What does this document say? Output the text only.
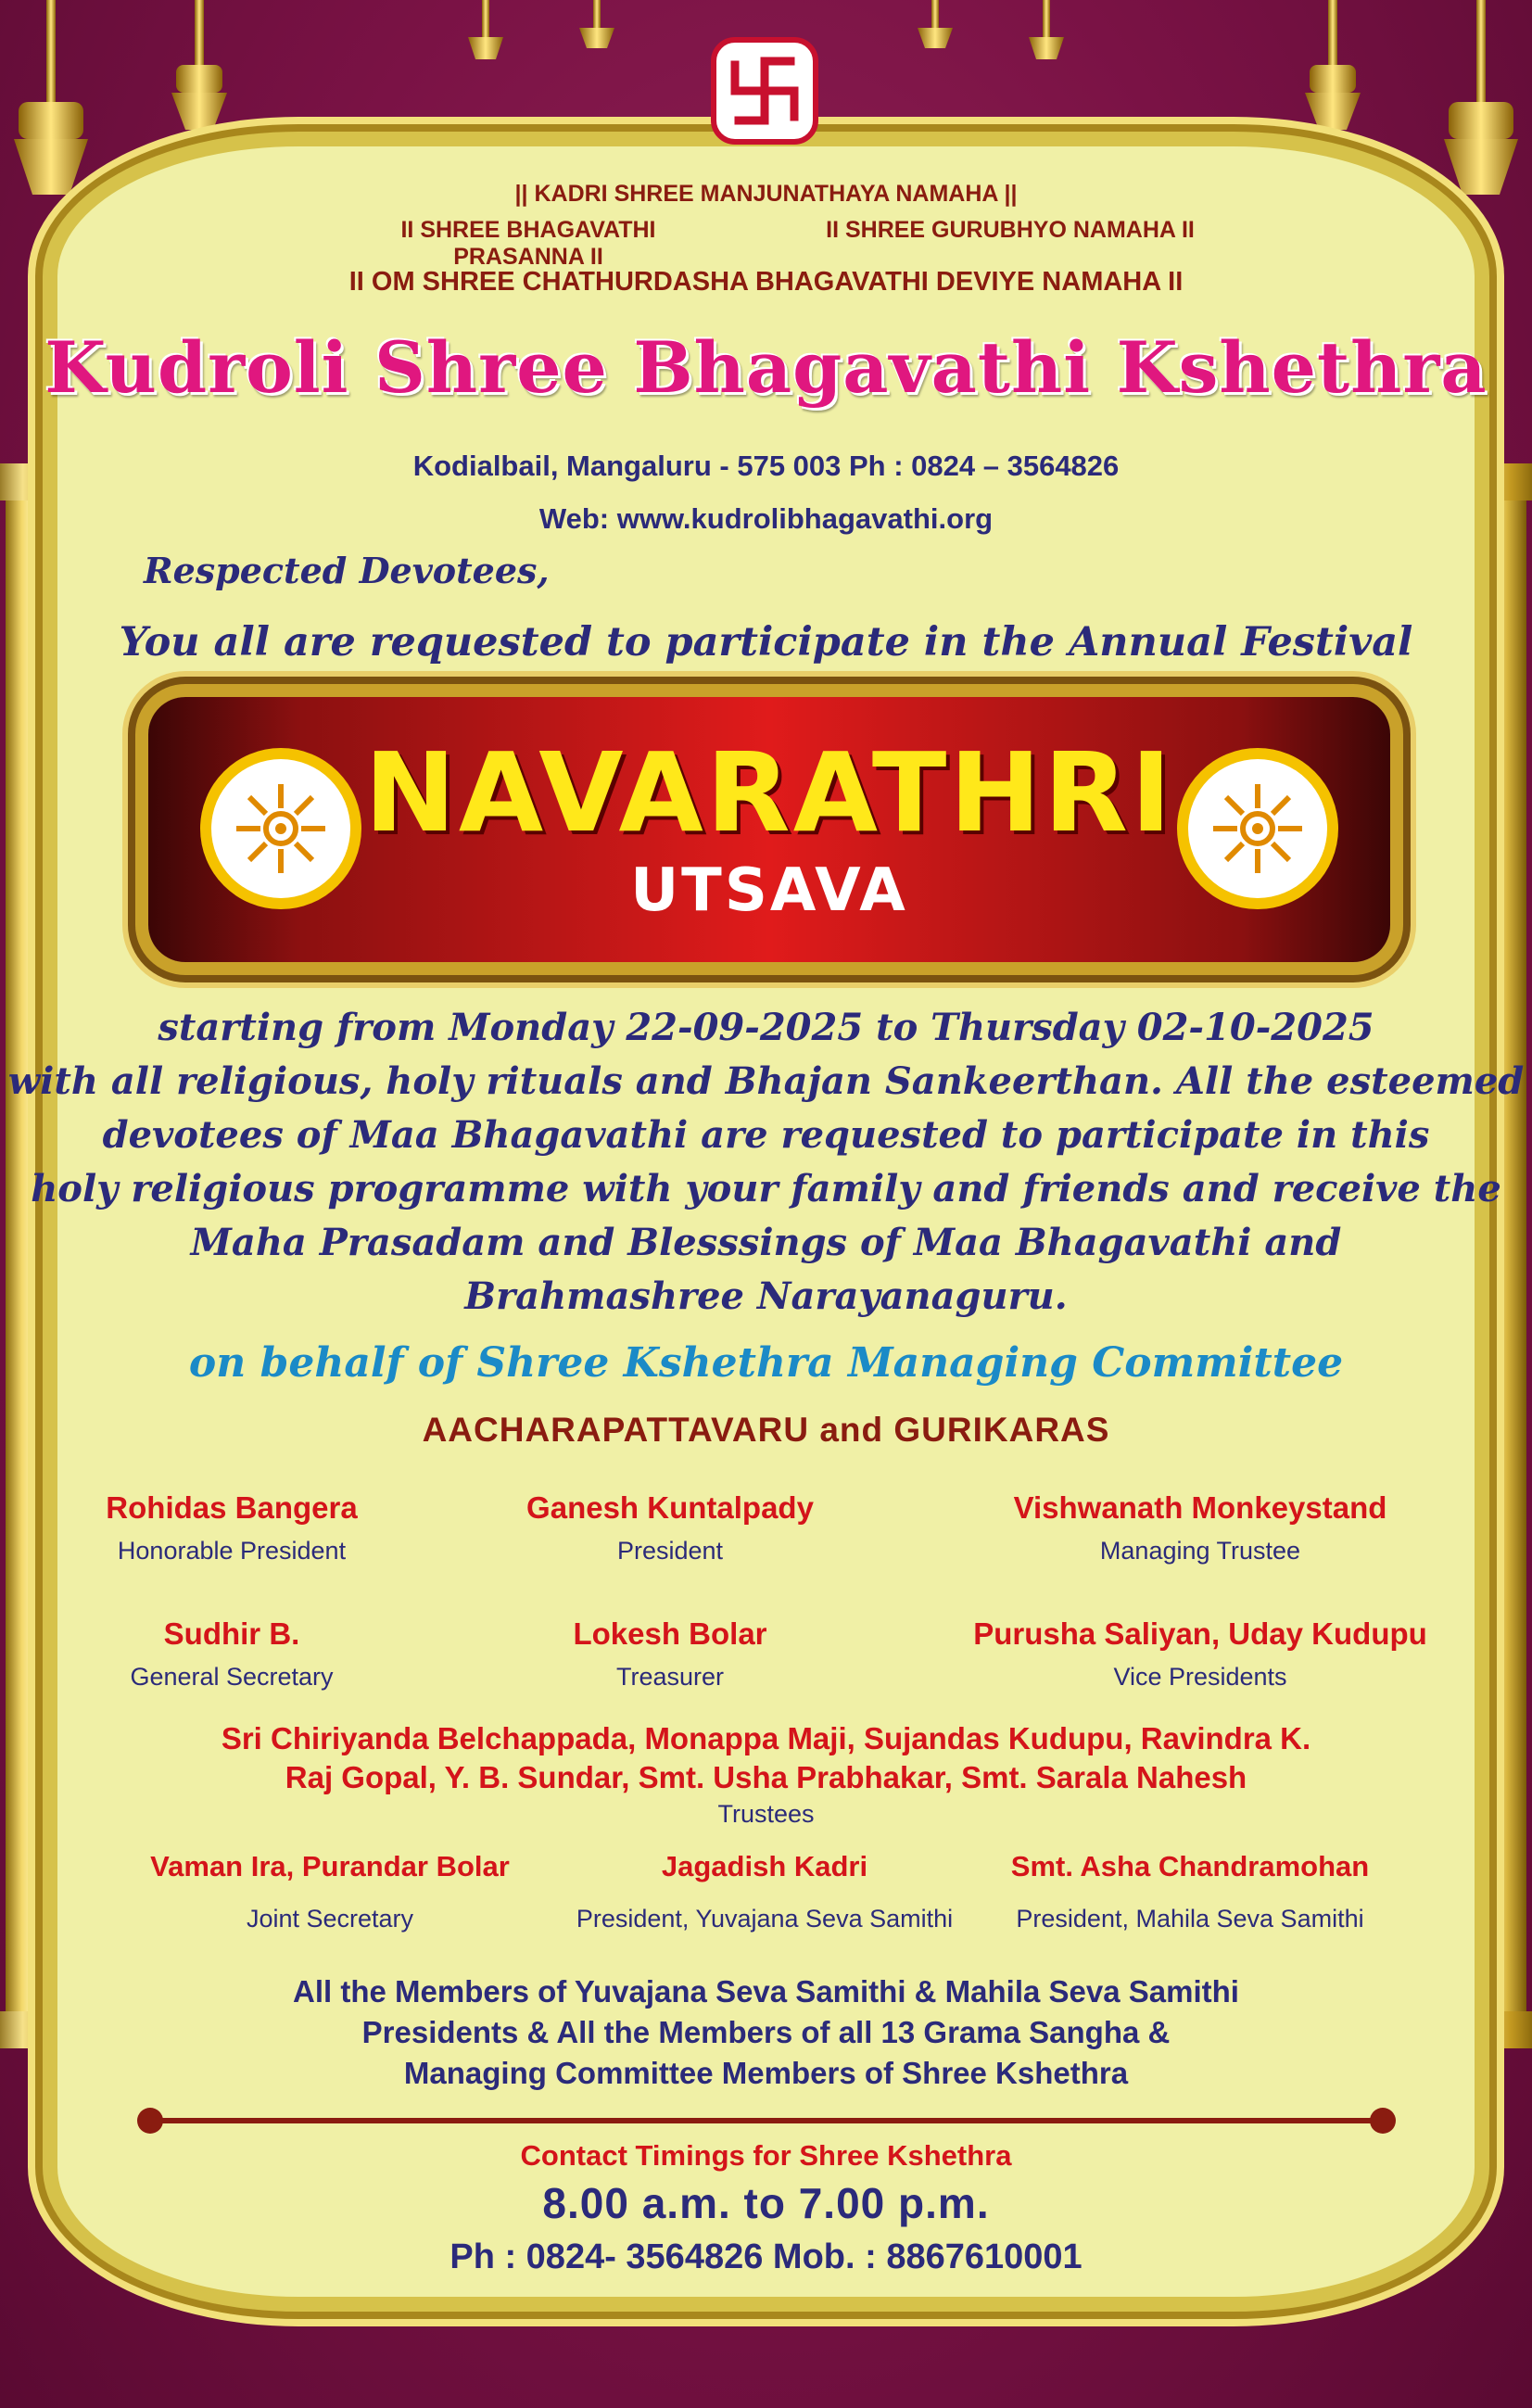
|| KADRI SHREE MANJUNATHAYA NAMAHA ||
II SHREE BHAGAVATHI PRASANNA II
II SHREE GURUBHYO NAMAHA II
II OM SHREE CHATHURDASHA BHAGAVATHI DEVIYE NAMAHA II
Kudroli Shree Bhagavathi Kshethra
Kodialbail, Mangaluru - 575 003 Ph : 0824 – 3564826
Web: www.kudrolibhagavathi.org
Respected Devotees,
You all are requested to participate in the Annual Festival
NAVARATHRI
UTSAVA
starting from Monday 22-09-2025 to Thursday 02-10-2025
with all religious, holy rituals and Bhajan Sankeerthan. All the esteemed
devotees of Maa Bhagavathi are requested to participate in this
holy religious programme with your family and friends and receive the
Maha Prasadam and Blesssings of Maa Bhagavathi and
Brahmashree Narayanaguru.
on behalf of Shree Kshethra Managing Committee
AACHARAPATTAVARU and GURIKARAS
Rohidas Bangera
Honorable President
Ganesh Kuntalpady
President
Vishwanath Monkeystand
Managing Trustee
Sudhir B.
General Secretary
Lokesh Bolar
Treasurer
Purusha Saliyan, Uday Kudupu
Vice Presidents
Sri Chiriyanda Belchappada, Monappa Maji, Sujandas Kudupu, Ravindra K.
Raj Gopal, Y. B. Sundar, Smt. Usha Prabhakar, Smt. Sarala Nahesh
Trustees
Vaman Ira, Purandar Bolar
Joint Secretary
Jagadish Kadri
President, Yuvajana Seva Samithi
Smt. Asha Chandramohan
President, Mahila Seva Samithi
All the Members of Yuvajana Seva Samithi & Mahila Seva Samithi
Presidents & All the Members of all 13 Grama Sangha &
Managing Committee Members of Shree Kshethra
Contact Timings for Shree Kshethra
8.00 a.m. to 7.00 p.m.
Ph : 0824- 3564826 Mob. : 8867610001
